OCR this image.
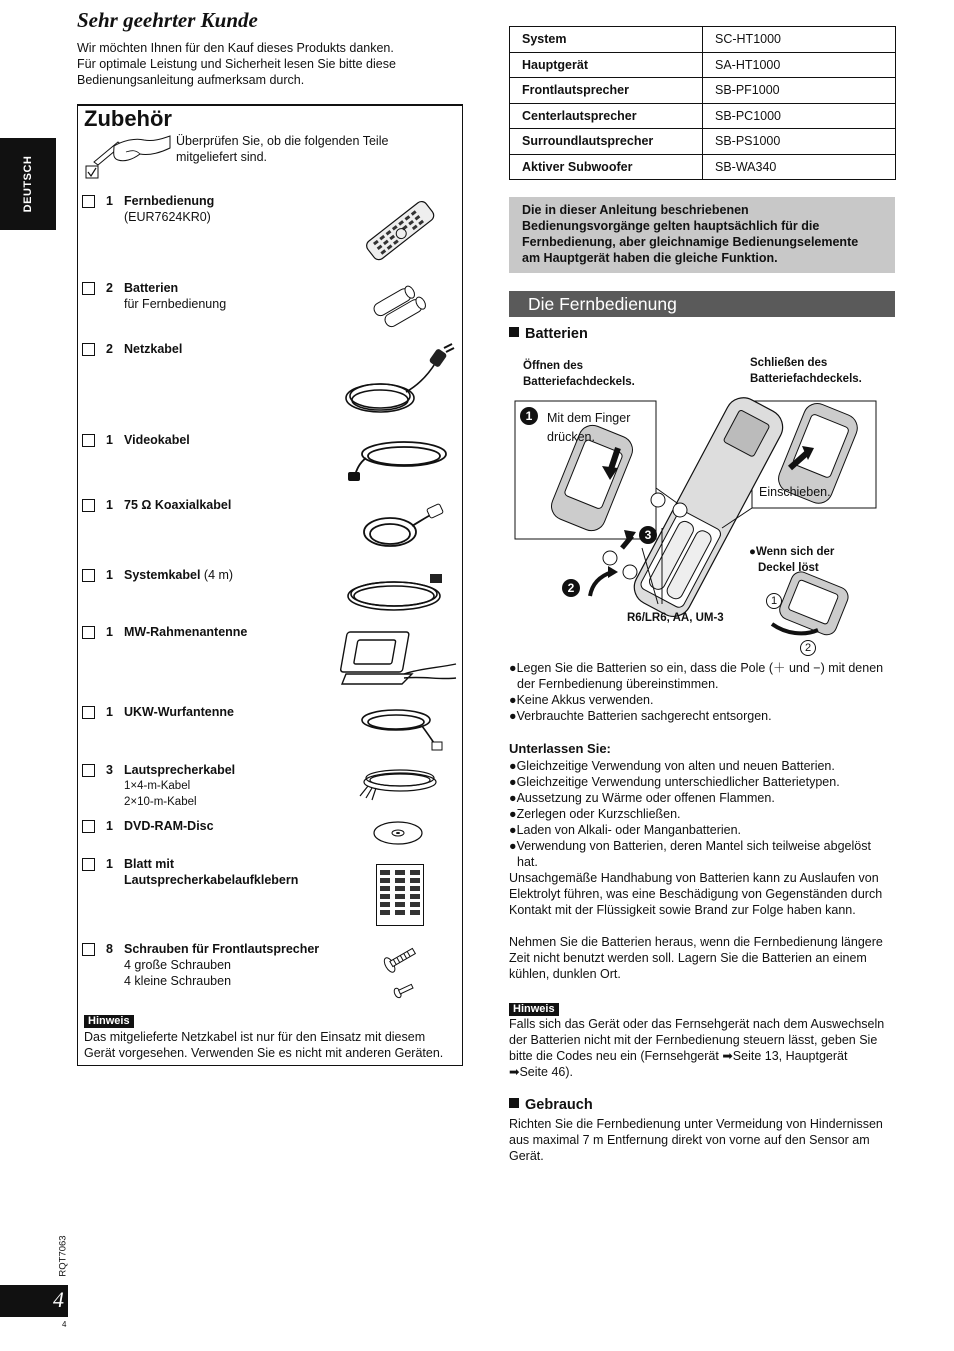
DEUTSCH
Sehr geehrter Kunde
Wir möchten Ihnen für den Kauf dieses Produkts danken.
Für optimale Leistung und Sicherheit lesen Sie bitte diese
Bedienungsanleitung aufmerksam durch.
Zubehör
Überprüfen Sie, ob die folgenden Teile
mitgeliefert sind.
1 Fernbedienung
(EUR7624KR0)
2 Batterien
für Fernbedienung
2 Netzkabel
1 Videokabel
1 75 Ω Koaxialkabel
1 Systemkabel (4 m)
1 MW-Rahmenantenne
1 UKW-Wurfantenne
3 Lautsprecherkabel
1×4-m-Kabel
2×10-m-Kabel
1 DVD-RAM-Disc
1 Blatt mit Lautsprecherkabelaufklebern
8 Schrauben für Frontlautsprecher
4 große Schrauben
4 kleine Schrauben
Hinweis
Das mitgelieferte Netzkabel ist nur für den Einsatz mit diesem
Gerät vorgesehen. Verwenden Sie es nicht mit anderen Geräten.
RQT7063
4
4
System	SC-HT1000
Hauptgerät	SA-HT1000
Frontlautsprecher	SB-PF1000
Centerlautsprecher	SB-PC1000
Surroundlautsprecher	SB-PS1000
Aktiver Subwoofer	SB-WA340
Die in dieser Anleitung beschriebenen
Bedienungsvorgänge gelten hauptsächlich für die
Fernbedienung, aber gleichnamige Bedienungselemente
am Hauptgerät haben die gleiche Funktion.
Die Fernbedienung
Batterien
Öffnen des
Batteriefachdeckels.
Schließen des
Batteriefachdeckels.
1
2
3
1
2
Mit dem Finger
drücken.
Einschieben.
●Wenn sich der
Deckel löst
R6/LR6, AA, UM-3
●Legen Sie die Batterien so ein, dass die Pole (＋ und −) mit denen
der Fernbedienung übereinstimmen.
●Keine Akkus verwenden.
●Verbrauchte Batterien sachgerecht entsorgen.
Unterlassen Sie:
●Gleichzeitige Verwendung von alten und neuen Batterien.
●Gleichzeitige Verwendung unterschiedlicher Batterietypen.
●Aussetzung zu Wärme oder offenen Flammen.
●Zerlegen oder Kurzschließen.
●Laden von Alkali- oder Manganbatterien.
●Verwendung von Batterien, deren Mantel sich teilweise abgelöst
hat.
Unsachgemäße Handhabung von Batterien kann zu Auslaufen von
Elektrolyt führen, was eine Beschädigung von Gegenständen durch
Kontakt mit der Flüssigkeit sowie Brand zur Folge haben kann.
Nehmen Sie die Batterien heraus, wenn die Fernbedienung längere
Zeit nicht benutzt werden soll. Lagern Sie die Batterien an einem
kühlen, dunklen Ort.
Hinweis
Falls sich das Gerät oder das Fernsehgerät nach dem Auswechseln
der Batterien nicht mit der Fernbedienung steuern lässt, geben Sie
bitte die Codes neu ein (Fernsehgerät ➡Seite 13, Hauptgerät
➡Seite 46).
Gebrauch
Richten Sie die Fernbedienung unter Vermeidung von Hindernissen
aus maximal 7 m Entfernung direkt von vorne auf den Sensor am
Gerät.
